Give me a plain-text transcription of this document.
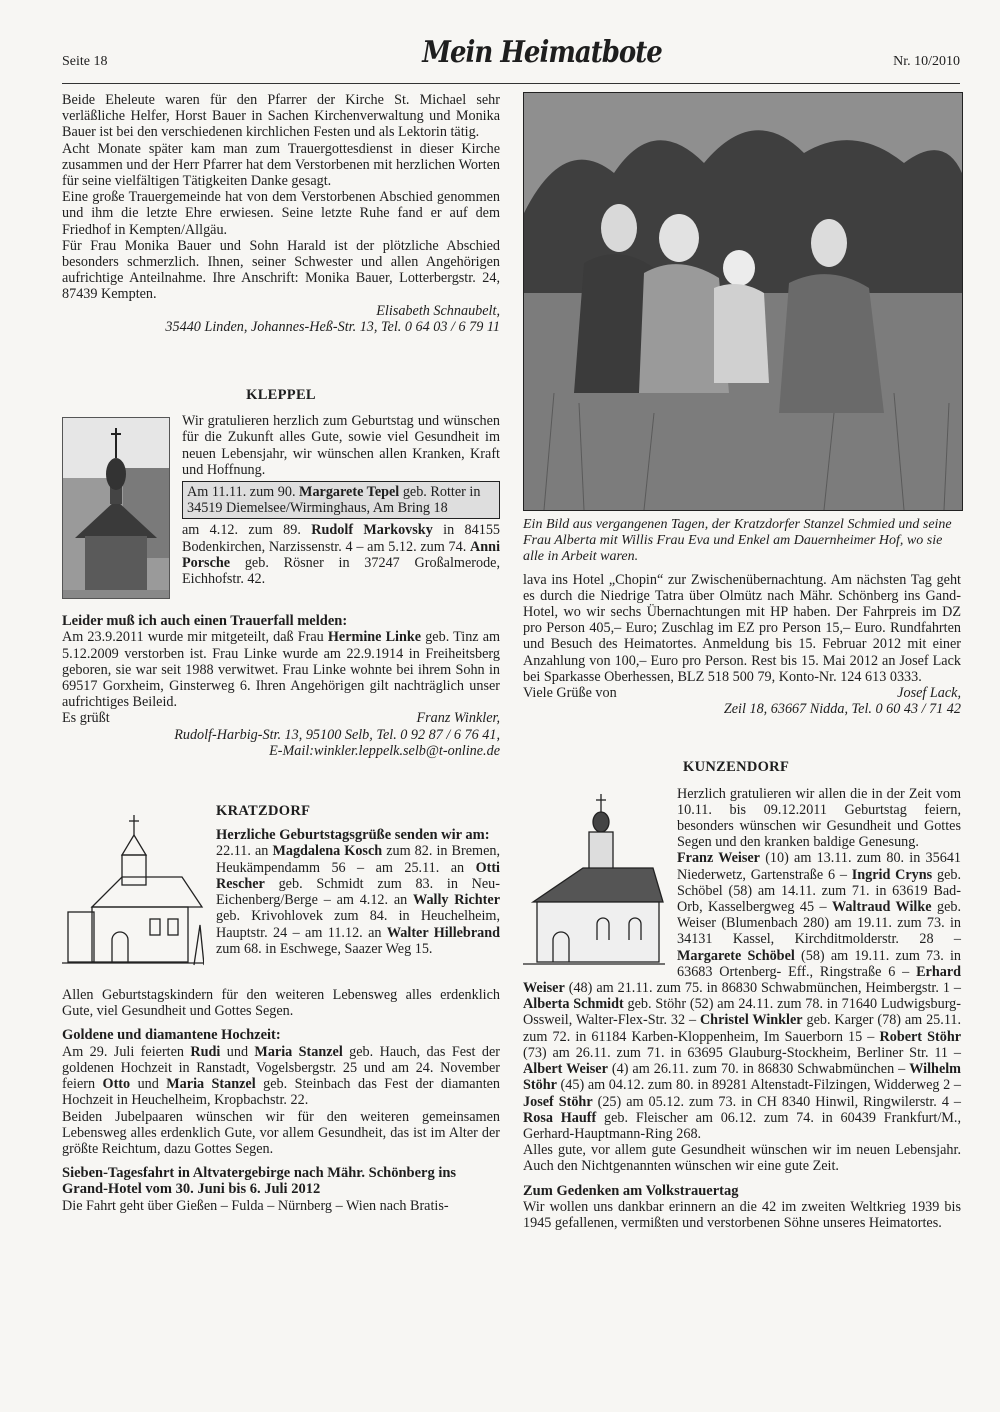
Seite 18	Mein Heimatbote	Nr. 10/2010

Beide Eheleute waren für den Pfarrer der Kirche St. Michael sehr verläßliche Helfer, Horst Bauer in Sachen Kirchenverwaltung und Monika Bauer ist bei den verschiedenen kirchlichen Festen und als Lektorin tätig.

Acht Monate später kam man zum Trauergottesdienst in dieser Kirche zusammen und der Herr Pfarrer hat dem Verstorbenen mit herzlichen Worten für seine vielfältigen Tätigkeiten Danke gesagt.

Eine große Trauergemeinde hat von dem Verstorbenen Abschied genommen und ihm die letzte Ehre erwiesen. Seine letzte Ruhe fand er auf dem Friedhof in Kempten/Allgäu.

Für Frau Monika Bauer und Sohn Harald ist der plötzliche Abschied besonders schmerzlich. Ihnen, seiner Schwester und allen Angehörigen aufrichtige Anteilnahme. Ihre Anschrift: Monika Bauer, Lotterbergstr. 24, 87439 Kempten.

Elisabeth Schnaubelt,

35440 Linden, Johannes-Heß-Str. 13, Tel. 0 64 03 / 6 79 11

KLEPPEL

Wir gratulieren herzlich zum Geburtstag und wünschen für die Zukunft alles Gute, sowie viel Gesundheit im neuen Lebensjahr, wir wünschen allen Kranken, Kraft und Hoffnung.

Am 11.11. zum 90. Margarete Tepel geb. Rotter in 34519 Diemelsee/Wirminghaus, Am Bring 18

am 4.12. zum 89. Rudolf Markovsky in 84155 Bodenkirchen, Narzissenstr. 4 – am 5.12. zum 74. Anni Porsche geb. Rösner in 37247 Großalmerode, Eichhofstr. 42.

Leider muß ich auch einen Trauerfall melden:

Am 23.9.2011 wurde mir mitgeteilt, daß Frau Hermine Linke geb. Tinz am 5.12.2009 verstorben ist. Frau Linke wurde am 22.9.1914 in Freiheitsberg geboren, sie war seit 1988 verwitwet. Frau Linke wohnte bei ihrem Sohn in 69517 Gorxheim, Ginsterweg 6. Ihren Angehörigen gilt nachträglich unser aufrichtiges Beileid.

Es grüßt	Franz Winkler,

Rudolf-Harbig-Str. 13, 95100 Selb, Tel. 0 92 87 / 6 76 41,

E-Mail:winkler.leppelk.selb@t-online.de

KRATZDORF
Herzliche Geburtstagsgrüße senden wir am:

22.11. an Magdalena Kosch zum 82. in Bremen, Heukämpendamm 56 – am 25.11. an Otti Rescher geb. Schmidt zum 83. in Neu-Eichenberg/Berge – am 4.12. an Wally Richter geb. Krivohlovek zum 84. in Heuchelheim, Hauptstr. 24 – am 11.12. an Walter Hillebrand zum 68. in Eschwege, Saazer Weg 15.

Allen Geburtstagskindern für den weiteren Lebensweg alles erdenklich Gute, viel Gesundheit und Gottes Segen.

Goldene und diamantene Hochzeit:

Am 29. Juli feierten Rudi und Maria Stanzel geb. Hauch, das Fest der goldenen Hochzeit in Ranstadt, Vogelsbergstr. 25 und am 24. November feiern Otto und Maria Stanzel geb. Steinbach das Fest der diamanten Hochzeit in Heuchelheim, Kropbachstr. 22.

Beiden Jubelpaaren wünschen wir für den weiteren gemeinsamen Lebensweg alles erdenklich Gute, vor allem Gesundheit, das ist im Alter der größte Reichtum, dazu Gottes Segen.

Sieben-Tagesfahrt in Altvatergebirge nach Mähr. Schönberg ins Grand-Hotel vom 30. Juni bis 6. Juli 2012

Die Fahrt geht über Gießen – Fulda – Nürnberg – Wien nach Bratis-

Ein Bild aus vergangenen Tagen, der Kratzdorfer Stanzel Schmied und seine Frau Alberta mit Willis Frau Eva und Enkel am Dauernheimer Hof, wo sie alle in Arbeit waren.

lava ins Hotel „Chopin“ zur Zwischenübernachtung. Am nächsten Tag geht es durch die Niedrige Tatra über Olmütz nach Mähr. Schönberg ins Gand-Hotel, wo wir sechs Übernachtungen mit HP haben. Der Fahrpreis im DZ pro Person 405,– Euro; Zuschlag im EZ pro Person 15,– Euro. Rundfahrten und Besuch des Heimatortes. Anmeldung bis 15. Februar 2012 mit einer Anzahlung von 100,– Euro pro Person. Rest bis 15. Mai 2012 an Josef Lack bei Sparkasse Oberhessen, BLZ 518 500 79, Konto-Nr. 124 613 0333.

Viele Grüße von	Josef Lack,

Zeil 18, 63667 Nidda, Tel. 0 60 43 / 71 42

KUNZENDORF

Herzlich gratulieren wir allen die in der Zeit vom 10.11. bis 09.12.2011 Geburtstag feiern, besonders wünschen wir Gesundheit und Gottes Segen und den kranken baldige Genesung.

Franz Weiser (10) am 13.11. zum 80. in 35641 Niederwetz, Gartenstraße 6 – Ingrid Cryns geb. Schöbel (58) am 14.11. zum 71. in 63619 Bad- Orb, Kasselbergweg 45 – Waltraud Wilke geb. Weiser (Blumenbach 280) am 19.11. zum 73. in 34131 Kassel, Kirchditmolderstr. 28 – Margarete Schöbel (58) am 19.11. zum 73. in 63683 Ortenberg- Eff., Ringstraße 6 – Erhard Weiser (48) am 21.11. zum 75. in 86830 Schwabmünchen, Heimbergstr. 1 – Alberta Schmidt geb. Stöhr (52) am 24.11. zum 78. in 71640 Ludwigsburg-Ossweil, Walter-Flex-Str. 32 – Christel Winkler geb. Karger (78) am 25.11. zum 72. in 61184 Karben-Kloppenheim, Im Sauerborn 15 – Robert Stöhr (73) am 26.11. zum 71. in 63695 Glauburg-Stockheim, Berliner Str. 11 – Albert Weiser (4) am 26.11. zum 70. in 86830 Schwabmünchen – Wilhelm Stöhr (45) am 04.12. zum 80. in 89281 Altenstadt-Filzingen, Widderweg 2 – Josef Stöhr (25) am 05.12. zum 73. in CH 8340 Hinwil, Ringwilerstr. 4 – Rosa Hauff geb. Fleischer am 06.12. zum 74. in 60439 Frankfurt/M., Gerhard-Hauptmann-Ring 268.

Alles gute, vor allem gute Gesundheit wünschen wir im neuen Lebensjahr. Auch den Nichtgenannten wünschen wir eine gute Zeit.

Zum Gedenken am Volkstrauertag

Wir wollen uns dankbar erinnern an die 42 im zweiten Weltkrieg 1939 bis 1945 gefallenen, vermißten und verstorbenen Söhne unseres Heimatortes.
